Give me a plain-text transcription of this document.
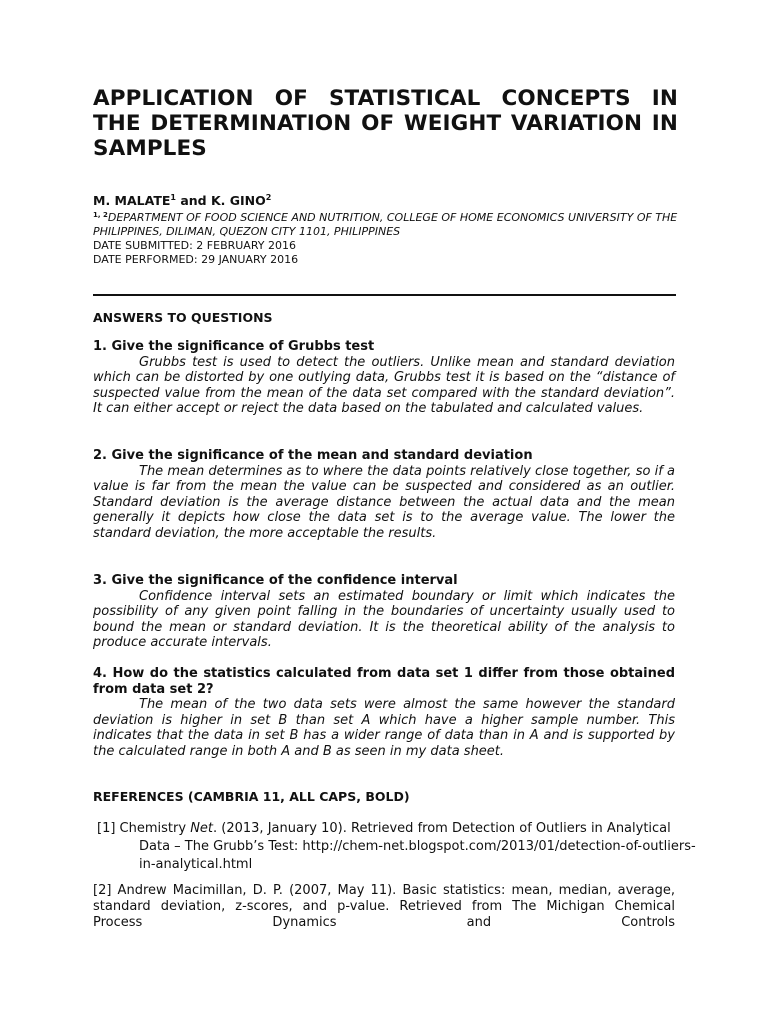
APPLICATION OF STATISTICAL CONCEPTS IN THE DETERMINATION OF WEIGHT VARIATION IN SAMPLES
M. MALATE$^1$ and K. GINO$^2$
$^{1, 2}$DEPARTMENT OF FOOD SCIENCE AND NUTRITION, COLLEGE OF HOME ECONOMICS UNIVERSITY OF THE PHILIPPINES, DILIMAN, QUEZON CITY 1101, PHILIPPINES
DATE SUBMITTED: 2 FEBRUARY 2016
DATE PERFORMED: 29 JANUARY 2016
ANSWERS TO QUESTIONS
1. Give the significance of Grubbs test
Grubbs test is used to detect the outliers. Unlike mean and standard deviation which can be distorted by one outlying data, Grubbs test it is based on the “distance of suspected value from the mean of the data set compared with the standard deviation”. It can either accept or reject the data based on the tabulated and calculated values.
2. Give the significance of the mean and standard deviation
The mean determines as to where the data points relatively close together, so if a value is far from the mean the value can be suspected and considered as an outlier. Standard deviation is the average distance between the actual data and the mean generally it depicts how close the data set is to the average value. The lower the standard deviation, the more acceptable the results.
3. Give the significance of the confidence interval
Confidence interval sets an estimated boundary or limit which indicates the possibility of any given point falling in the boundaries of uncertainty usually used to bound the mean or standard deviation. It is the theoretical ability of the analysis to produce accurate intervals.
4. How do the statistics calculated from data set 1 differ from those obtained from data set 2?
The mean of the two data sets were almost the same however the standard deviation is higher in set B than set A which have a higher sample number. This indicates that the data in set B has a wider range of data than in A and is supported by the calculated range in both A and B as seen in my data sheet.
REFERENCES (CAMBRIA 11, ALL CAPS, BOLD)
[1] Chemistry Net. (2013, January 10). Retrieved from Detection of Outliers in Analytical Data – The Grubb’s Test: http://chem-net.blogspot.com/2013/01/detection-of-outliers-in-analytical.html
[2] Andrew Macimillan, D. P. (2007, May 11). Basic statistics: mean, median, average, standard deviation, z-scores, and p-value. Retrieved from The Michigan Chemical Process Dynamics and Controls
